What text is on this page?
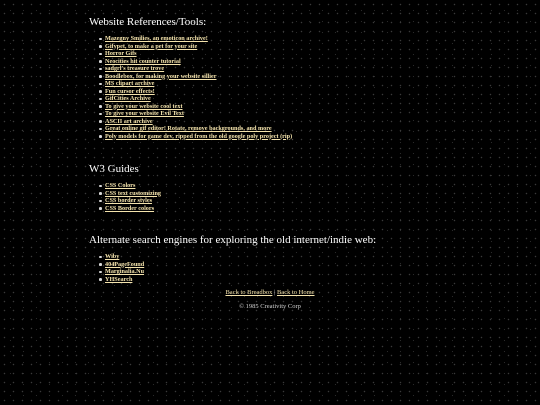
Website References/Tools:
Mazegny Smilies, an emoticon archive!
Gifypet, to make a pet for your site
Horror Gifs
Neocities hit counter tutorial
sadgrl's treasure trove
Boodlebox, for making your website sillier
MS clipart archive
Fun cursor effects!
GifCities Archive
To give your website cool text
To give your website Evil Text
ASCII art archive
Great online gif editor! Rotate, remove backgrounds, and more
Poly models for game dev, ripped from the old google poly project (rip)
W3 Guides
CSS Colors
CSS text customizing
CSS border styles
CSS Border colors
Alternate search engines for exploring the old internet/indie web:
Wiby
404PageFound
Marginalia.Nu
YHSearch
Back to Breadbox | Back to Home
© 1985 Creativity Corp
